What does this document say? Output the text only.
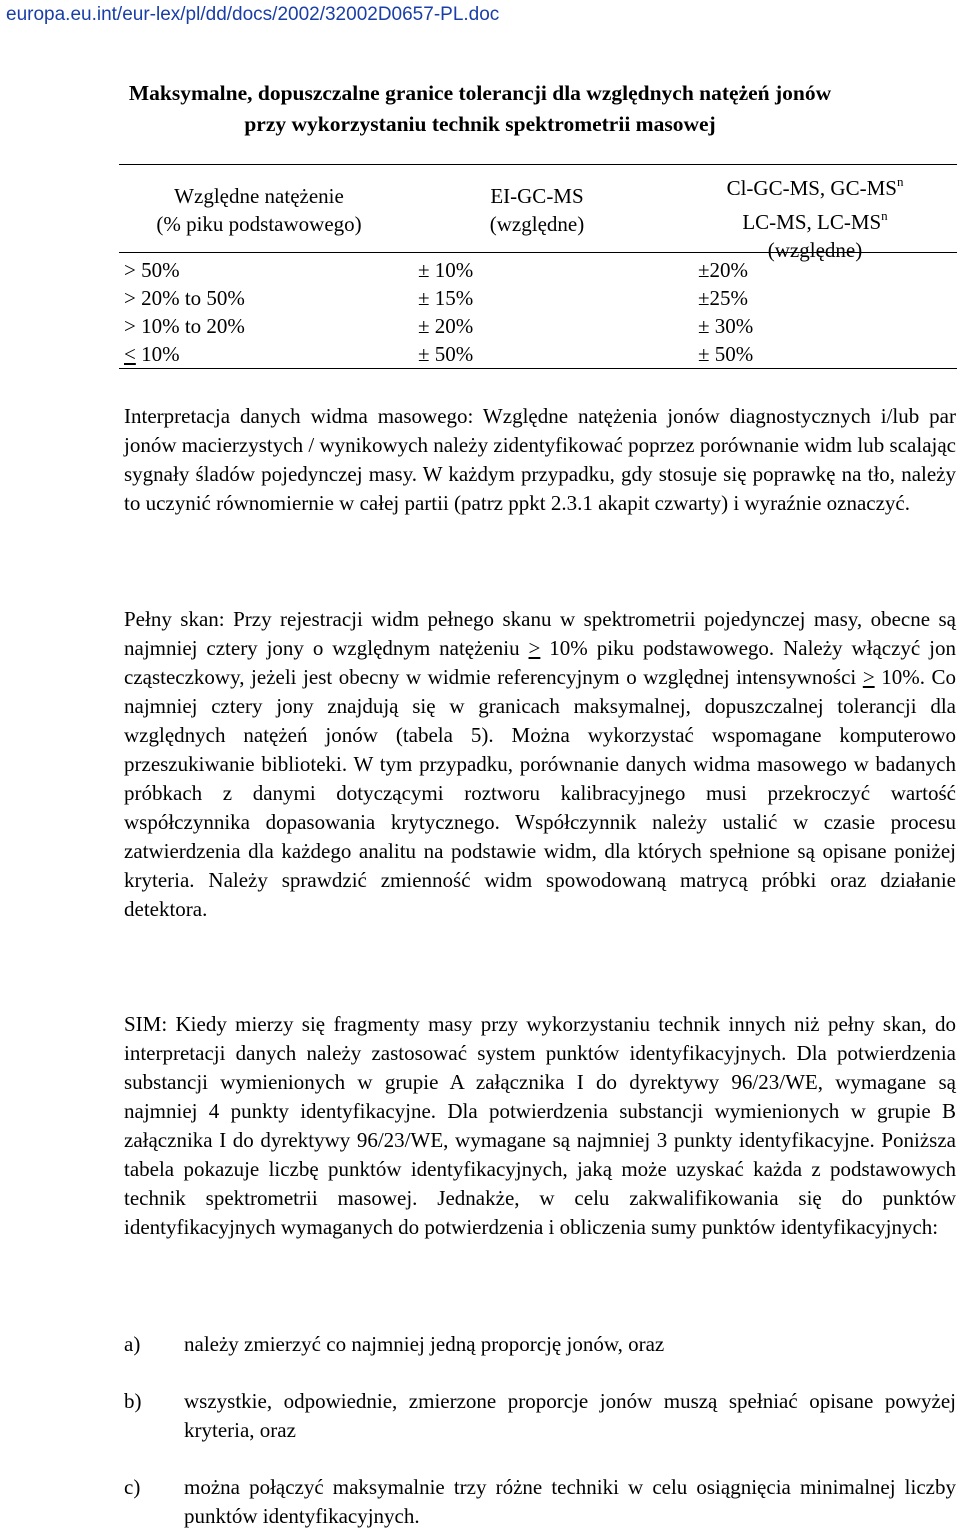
europa.eu.int/eur-lex/pl/dd/docs/2002/32002D0657-PL.doc
Maksymalne, dopuszczalne granice tolerancji dla względnych natężeń jonów
przy wykorzystaniu technik spektrometrii masowej
Względne natężenie
(% piku podstawowego)
EI-GC-MS
(względne)
Cl-GC-MS, $GC-MS^n$
LC-MS, $LC-MS^n$
(względne)
> 50%
> 20% to 50%
> 10% to 20%
< 10%
± 10%
± 15%
± 20%
± 50%
±20%
±25%
± 30%
± 50%
Interpretacja danych widma masowego: Względne natężenia jonów diagnostycznych i/lub par jonów macierzystych / wynikowych należy zidentyfikować poprzez porównanie widm lub scalając sygnały śladów pojedynczej masy. W każdym przypadku, gdy stosuje się poprawkę na tło, należy to uczynić równomiernie w całej partii (patrz ppkt 2.3.1 akapit czwarty) i wyraźnie oznaczyć.
Pełny skan: Przy rejestracji widm pełnego skanu w spektrometrii pojedynczej masy, obecne są najmniej cztery jony o względnym natężeniu > 10% piku podstawowego. Należy włączyć jon cząsteczkowy, jeżeli jest obecny w widmie referencyjnym o względnej intensywności > 10%. Co najmniej cztery jony znajdują się w granicach maksymalnej, dopuszczalnej tolerancji dla względnych natężeń jonów (tabela 5). Można wykorzystać wspomagane komputerowo przeszukiwanie biblioteki. W tym przypadku, porównanie danych widma masowego w badanych próbkach z danymi dotyczącymi roztworu kalibracyjnego musi przekroczyć wartość współczynnika dopasowania krytycznego. Współczynnik należy ustalić w czasie procesu zatwierdzenia dla każdego analitu na podstawie widm, dla których spełnione są opisane poniżej kryteria. Należy sprawdzić zmienność widm spowodowaną matrycą próbki oraz działanie detektora.
SIM: Kiedy mierzy się fragmenty masy przy wykorzystaniu technik innych niż pełny skan, do interpretacji danych należy zastosować system punktów identyfikacyjnych. Dla potwierdzenia substancji wymienionych w grupie A załącznika I do dyrektywy 96/23/WE, wymagane są najmniej 4 punkty identyfikacyjne. Dla potwierdzenia substancji wymienionych w grupie B załącznika I do dyrektywy 96/23/WE, wymagane są najmniej 3 punkty identyfikacyjne. Poniższa tabela pokazuje liczbę punktów identyfikacyjnych, jaką może uzyskać każda z podstawowych technik spektrometrii masowej. Jednakże, w celu zakwalifikowania się do punktów identyfikacyjnych wymaganych do potwierdzenia i obliczenia sumy punktów identyfikacyjnych:
a) należy zmierzyć co najmniej jedną proporcję jonów, oraz
b) wszystkie, odpowiednie, zmierzone proporcje jonów muszą spełniać opisane powyżej kryteria, oraz
c) można połączyć maksymalnie trzy różne techniki w celu osiągnięcia minimalnej liczby punktów identyfikacyjnych.
